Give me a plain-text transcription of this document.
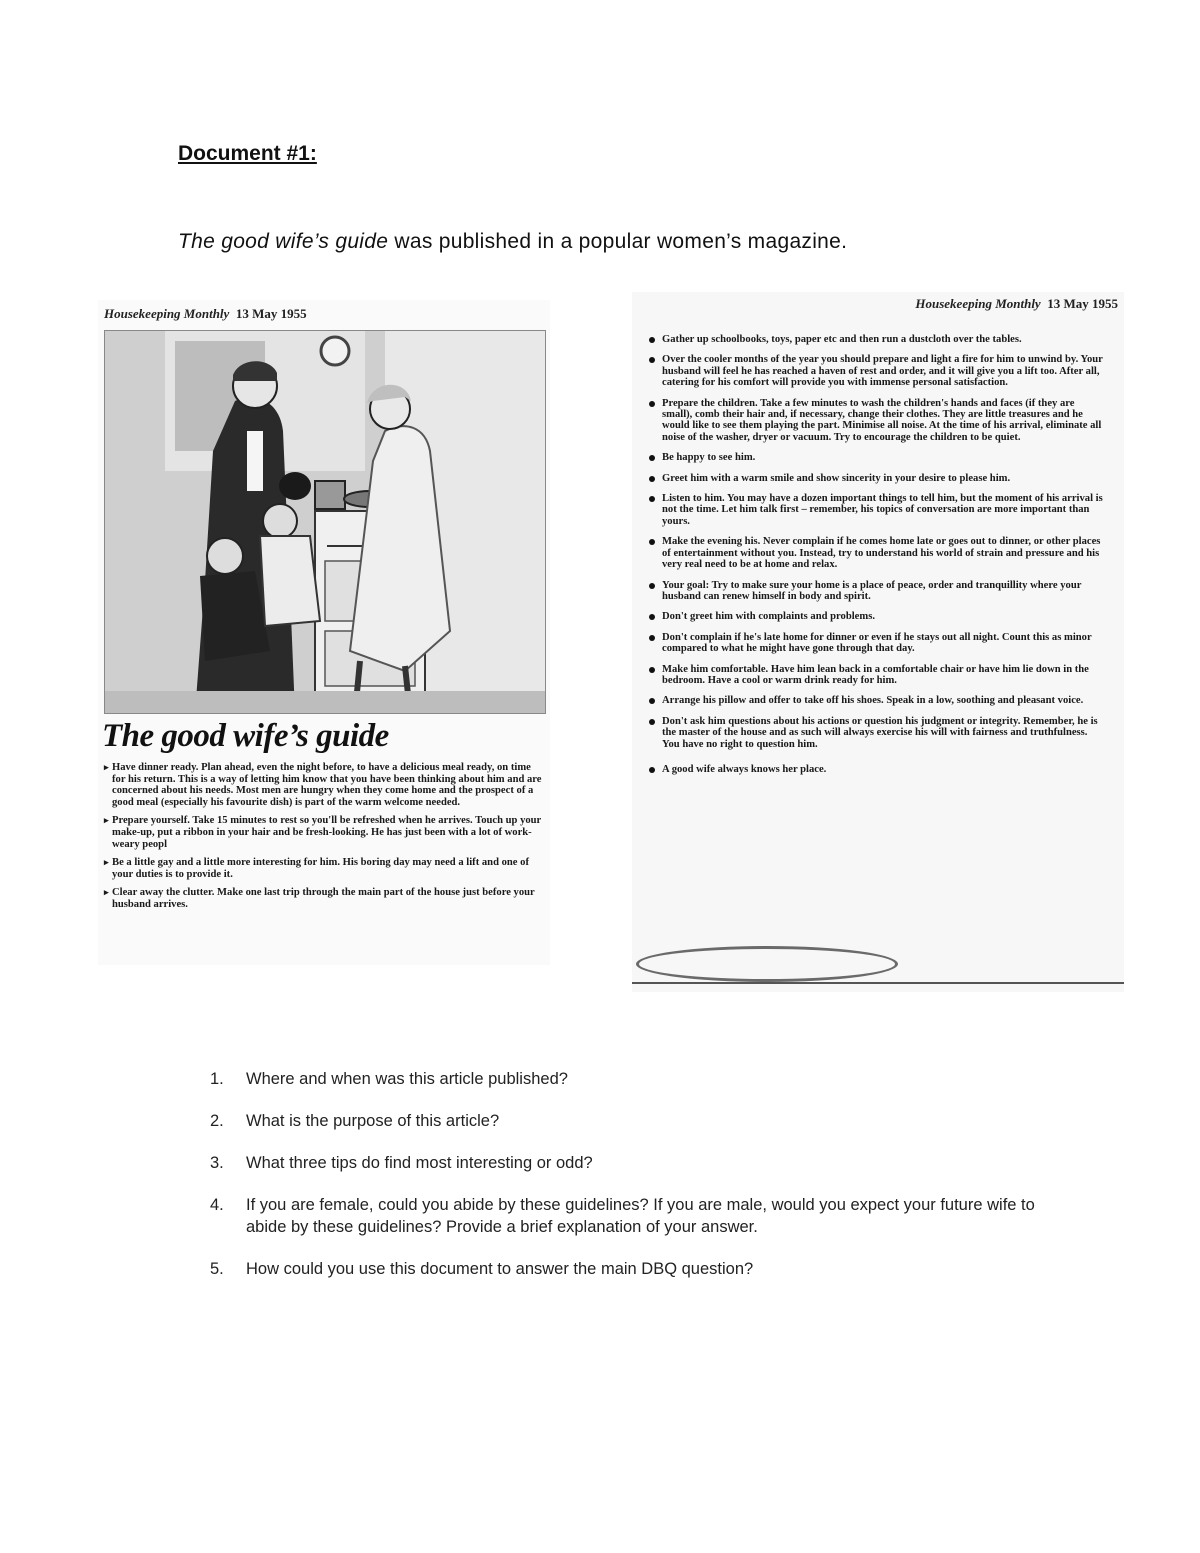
Document #1:
The good wife’s guide was published in a popular women’s magazine.
Housekeeping Monthly 13 May 1955
The good wife’s guide
▸ Have dinner ready. Plan ahead, even the night before, to have a delicious meal ready, on time for his return. This is a way of letting him know that you have been thinking about him and are concerned about his needs. Most men are hungry when they come home and the prospect of a good meal (especially his favourite dish) is part of the warm welcome needed.
▸ Prepare yourself. Take 15 minutes to rest so you'll be refreshed when he arrives. Touch up your make-up, put a ribbon in your hair and be fresh-looking. He has just been with a lot of work-weary peopl
▸ Be a little gay and a little more interesting for him. His boring day may need a lift and one of your duties is to provide it.
▸ Clear away the clutter. Make one last trip through the main part of the house just before your husband arrives.
Housekeeping Monthly 13 May 1955
Gather up schoolbooks, toys, paper etc and then run a dustcloth over the tables.
Over the cooler months of the year you should prepare and light a fire for him to unwind by. Your husband will feel he has reached a haven of rest and order, and it will give you a lift too. After all, catering for his comfort will provide you with immense personal satisfaction.
Prepare the children. Take a few minutes to wash the children's hands and faces (if they are small), comb their hair and, if necessary, change their clothes. They are little treasures and he would like to see them playing the part. Minimise all noise. At the time of his arrival, eliminate all noise of the washer, dryer or vacuum. Try to encourage the children to be quiet.
Be happy to see him.
Greet him with a warm smile and show sincerity in your desire to please him.
Listen to him. You may have a dozen important things to tell him, but the moment of his arrival is not the time. Let him talk first – remember, his topics of conversation are more important than yours.
Make the evening his. Never complain if he comes home late or goes out to dinner, or other places of entertainment without you. Instead, try to understand his world of strain and pressure and his very real need to be at home and relax.
Your goal: Try to make sure your home is a place of peace, order and tranquillity where your husband can renew himself in body and spirit.
Don't greet him with complaints and problems.
Don't complain if he's late home for dinner or even if he stays out all night. Count this as minor compared to what he might have gone through that day.
Make him comfortable. Have him lean back in a comfortable chair or have him lie down in the bedroom. Have a cool or warm drink ready for him.
Arrange his pillow and offer to take off his shoes. Speak in a low, soothing and pleasant voice.
Don't ask him questions about his actions or question his judgment or integrity. Remember, he is the master of the house and as such will always exercise his will with fairness and truthfulness. You have no right to question him.
A good wife always knows her place.
1. Where and when was this article published?
2. What is the purpose of this article?
3. What three tips do find most interesting or odd?
4. If you are female, could you abide by these guidelines? If you are male, would you expect your future wife to abide by these guidelines? Provide a brief explanation of your answer.
5. How could you use this document to answer the main DBQ question?
